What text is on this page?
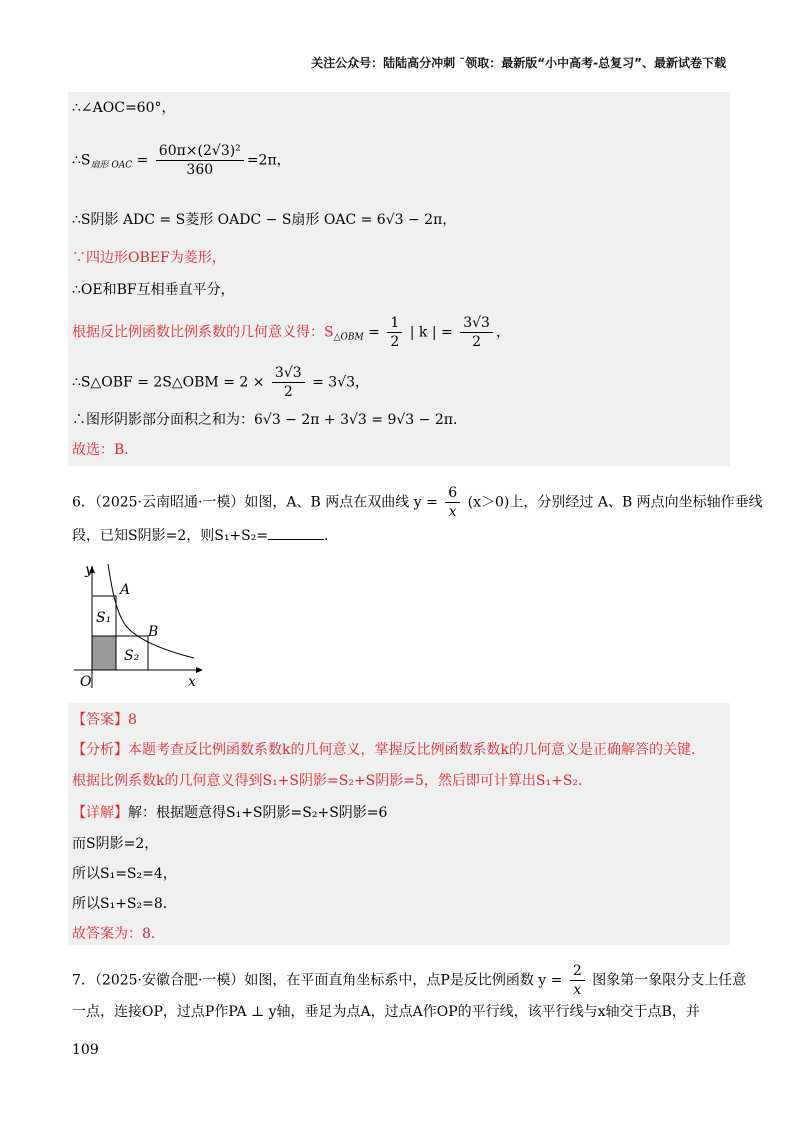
关注公众号：陆陆高分冲刺 ˜领取：最新版“小中高考-总复习”、最新试卷下载
∴∠AOC=60°，
$\therefore S_{扇形 OAC} = \frac{\text{60π×(2√3)²}}{360} =2\pi$，
∴S阴影 ADC = S菱形 OADC − S扇形 OAC = 6√3 − 2π，
∵四边形OBEF为菱形，
∴OE和BF互相垂直平分，
根据反比例函数比例系数的几何意义得：$S_{\triangle OBM} = \frac{1}{2}$ | k | = $\frac{3√3}{2}$ ，
∴S△OBF = 2S△OBM = $2 \times \frac{3√3}{2} = 3√3$，
∴图形阴影部分面积之和为：6√3 − 2π + 3√3 = 9√3 − 2π．
故选：B．
6．（2025·云南昭通·一模）如图，A、B 两点在双曲线 $y = \frac{6}{x} (x>0)$上，分别经过 A、B 两点向坐标轴作垂线
段，已知S阴影=2，则S₁+S₂=	．
y
x
O
A
B
S₁
S₂
【答案】8
【分析】本题考查反比例函数系数k的几何意义，掌握反比例函数系数k的几何意义是正确解答的关键．
根据比例系数k的几何意义得到S₁+S阴影=S₂+S阴影=5，然后即可计算出S₁+S₂．
【详解】解：根据题意得S₁+S阴影=S₂+S阴影=6
而S阴影=2，
所以S₁=S₂=4，
所以S₁+S₂=8．
故答案为：8．
7．（2025·安徽合肥·一模）如图，在平面直角坐标系中，点P是反比例函数 $y = \frac{2}{x}$ 图象第一象限分支上任意
一点，连接OP，过点P作PA ⊥ y轴，垂足为点A，过点A作OP的平行线，该平行线与x轴交于点B，并
109
